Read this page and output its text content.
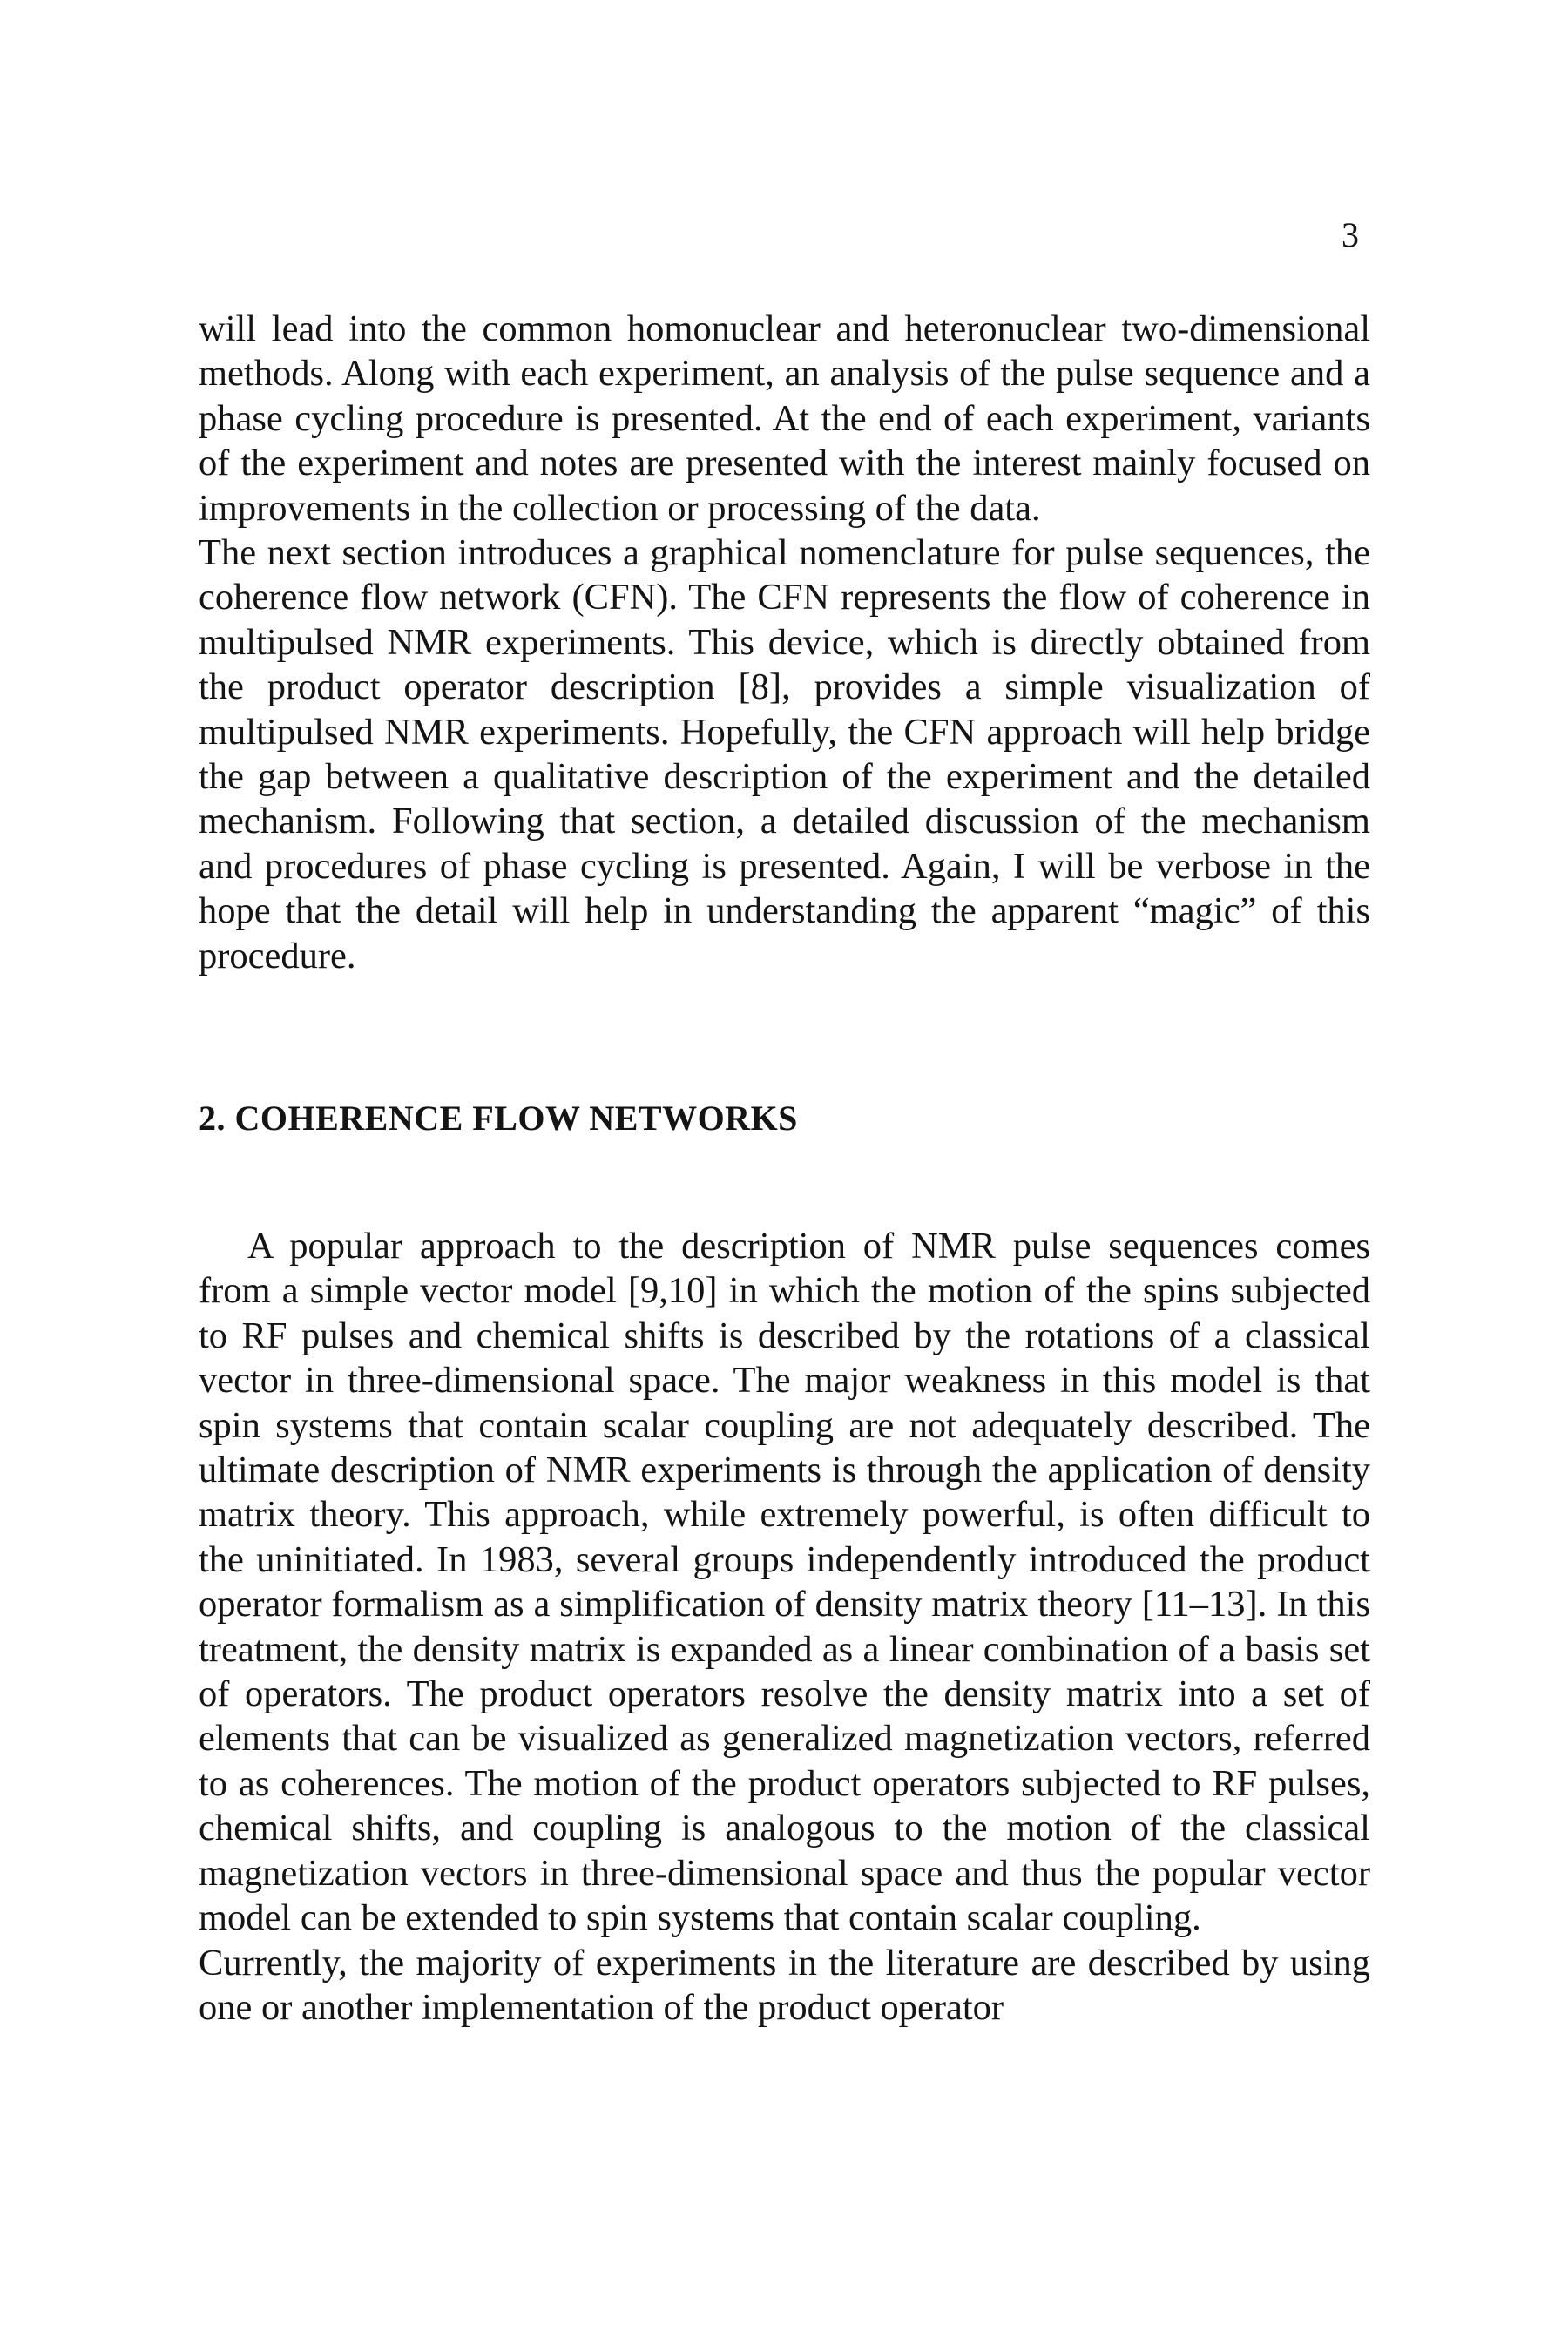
3

will lead into the common homonuclear and heteronuclear two-dimensional methods. Along with each experiment, an analysis of the pulse sequence and a phase cycling procedure is presented. At the end of each experiment, variants of the experiment and notes are presented with the interest mainly focused on improvements in the collection or processing of the data.

The next section introduces a graphical nomenclature for pulse sequences, the coherence flow network (CFN). The CFN represents the flow of coherence in multipulsed NMR experiments. This device, which is directly obtained from the product operator description [8], provides a simple visualization of multipulsed NMR experiments. Hopefully, the CFN approach will help bridge the gap between a qualitative description of the experiment and the detailed mechanism. Following that section, a detailed discussion of the mechanism and procedures of phase cycling is presented. Again, I will be verbose in the hope that the detail will help in understanding the apparent “magic” of this procedure.

2. COHERENCE FLOW NETWORKS

A popular approach to the description of NMR pulse sequences comes from a simple vector model [9,10] in which the motion of the spins subjected to RF pulses and chemical shifts is described by the rotations of a classical vector in three-dimensional space. The major weakness in this model is that spin systems that contain scalar coupling are not adequately described. The ultimate description of NMR experiments is through the application of density matrix theory. This approach, while extremely powerful, is often difficult to the uninitiated. In 1983, several groups independently introduced the product operator formalism as a simplification of density matrix theory [11–13]. In this treatment, the density matrix is expanded as a linear combination of a basis set of operators. The product operators resolve the density matrix into a set of elements that can be visualized as generalized magnetization vectors, referred to as coherences. The motion of the product operators subjected to RF pulses, chemical shifts, and coupling is analogous to the motion of the classical magnetization vectors in three-dimensional space and thus the popular vector model can be extended to spin systems that contain scalar coupling.

Currently, the majority of experiments in the literature are described by using one or another implementation of the product operator
